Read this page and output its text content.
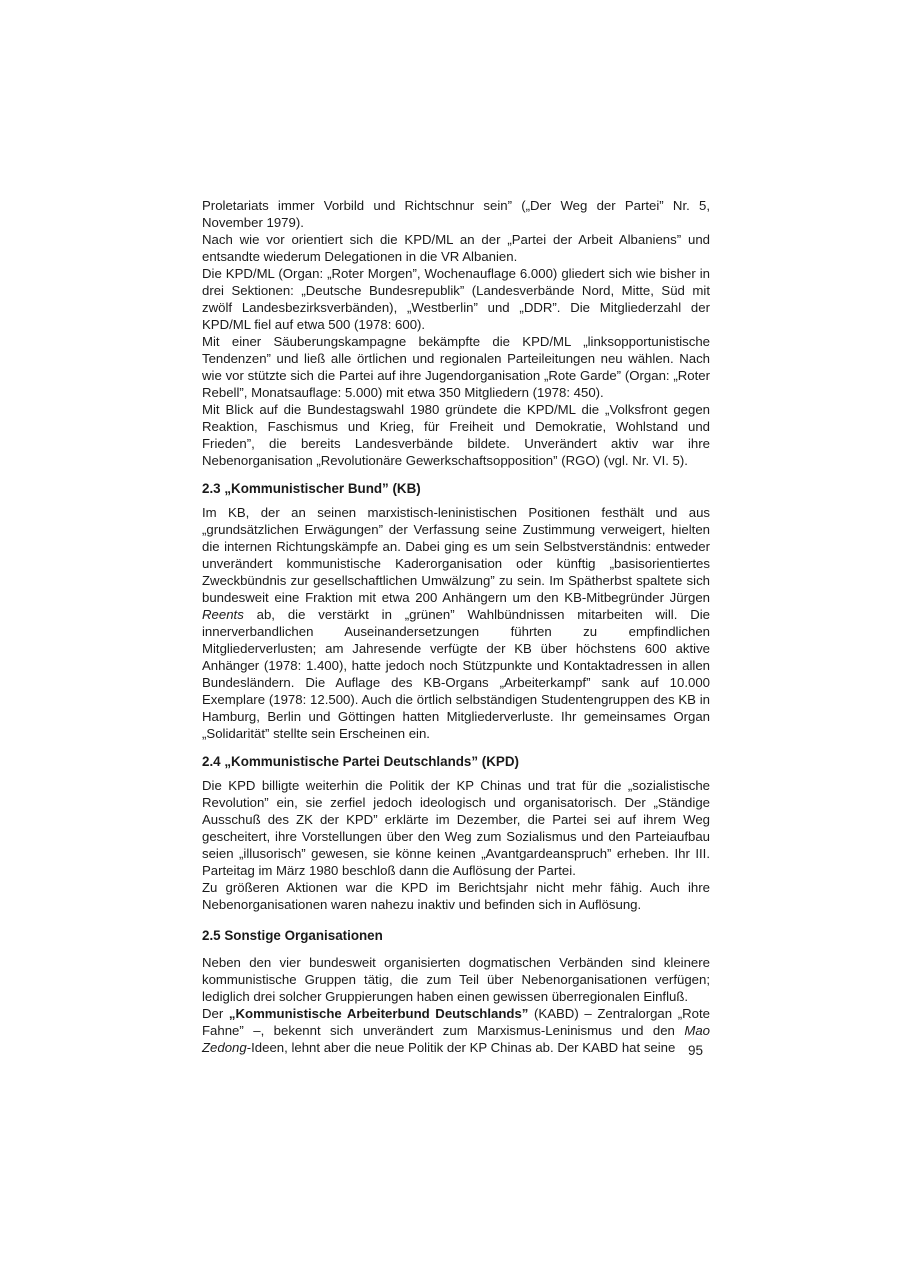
Proletariats immer Vorbild und Richtschnur sein” („Der Weg der Partei” Nr. 5, November 1979).

Nach wie vor orientiert sich die KPD/ML an der „Partei der Arbeit Albaniens” und entsandte wiederum Delegationen in die VR Albanien.

Die KPD/ML (Organ: „Roter Morgen”, Wochenauflage 6.000) gliedert sich wie bisher in drei Sektionen: „Deutsche Bundesrepublik” (Landesverbände Nord, Mitte, Süd mit zwölf Landesbezirksverbänden), „Westberlin” und „DDR”. Die Mitgliederzahl der KPD/ML fiel auf etwa 500 (1978: 600).

Mit einer Säuberungskampagne bekämpfte die KPD/ML „linksopportunistische Tendenzen” und ließ alle örtlichen und regionalen Parteileitungen neu wählen. Nach wie vor stützte sich die Partei auf ihre Jugendorganisation „Rote Garde” (Organ: „Roter Rebell”, Monatsauflage: 5.000) mit etwa 350 Mitgliedern (1978: 450).

Mit Blick auf die Bundestagswahl 1980 gründete die KPD/ML die „Volksfront gegen Reaktion, Faschismus und Krieg, für Freiheit und Demokratie, Wohlstand und Frieden”, die bereits Landesverbände bildete. Unverändert aktiv war ihre Nebenorganisation „Revolutionäre Gewerkschaftsopposition” (RGO) (vgl. Nr. VI. 5).

2.3 „Kommunistischer Bund” (KB)

Im KB, der an seinen marxistisch-leninistischen Positionen festhält und aus „grundsätzlichen Erwägungen” der Verfassung seine Zustimmung verweigert, hielten die internen Richtungskämpfe an. Dabei ging es um sein Selbstverständnis: entweder unverändert kommunistische Kaderorganisation oder künftig „basisorientiertes Zweckbündnis zur gesellschaftlichen Umwälzung” zu sein. Im Spätherbst spaltete sich bundesweit eine Fraktion mit etwa 200 Anhängern um den KB-Mitbegründer Jürgen Reents ab, die verstärkt in „grünen” Wahlbündnissen mitarbeiten will. Die innerverbandlichen Auseinandersetzungen führten zu empfindlichen Mitgliederverlusten; am Jahresende verfügte der KB über höchstens 600 aktive Anhänger (1978: 1.400), hatte jedoch noch Stützpunkte und Kontaktadressen in allen Bundesländern. Die Auflage des KB-Organs „Arbeiterkampf” sank auf 10.000 Exemplare (1978: 12.500). Auch die örtlich selbständigen Studentengruppen des KB in Hamburg, Berlin und Göttingen hatten Mitgliederverluste. Ihr gemeinsames Organ „Solidarität” stellte sein Erscheinen ein.

2.4 „Kommunistische Partei Deutschlands” (KPD)

Die KPD billigte weiterhin die Politik der KP Chinas und trat für die „sozialistische Revolution” ein, sie zerfiel jedoch ideologisch und organisatorisch. Der „Ständige Ausschuß des ZK der KPD” erklärte im Dezember, die Partei sei auf ihrem Weg gescheitert, ihre Vorstellungen über den Weg zum Sozialismus und den Parteiaufbau seien „illusorisch” gewesen, sie könne keinen „Avantgardeanspruch” erheben. Ihr III. Parteitag im März 1980 beschloß dann die Auflösung der Partei.

Zu größeren Aktionen war die KPD im Berichtsjahr nicht mehr fähig. Auch ihre Nebenorganisationen waren nahezu inaktiv und befinden sich in Auflösung.

2.5 Sonstige Organisationen

Neben den vier bundesweit organisierten dogmatischen Verbänden sind kleinere kommunistische Gruppen tätig, die zum Teil über Nebenorganisationen verfügen; lediglich drei solcher Gruppierungen haben einen gewissen überregionalen Einfluß.

Der „Kommunistische Arbeiterbund Deutschlands” (KABD) – Zentralorgan „Rote Fahne” –, bekennt sich unverändert zum Marxismus-Leninismus und den Mao Zedong-Ideen, lehnt aber die neue Politik der KP Chinas ab. Der KABD hat seine 95
